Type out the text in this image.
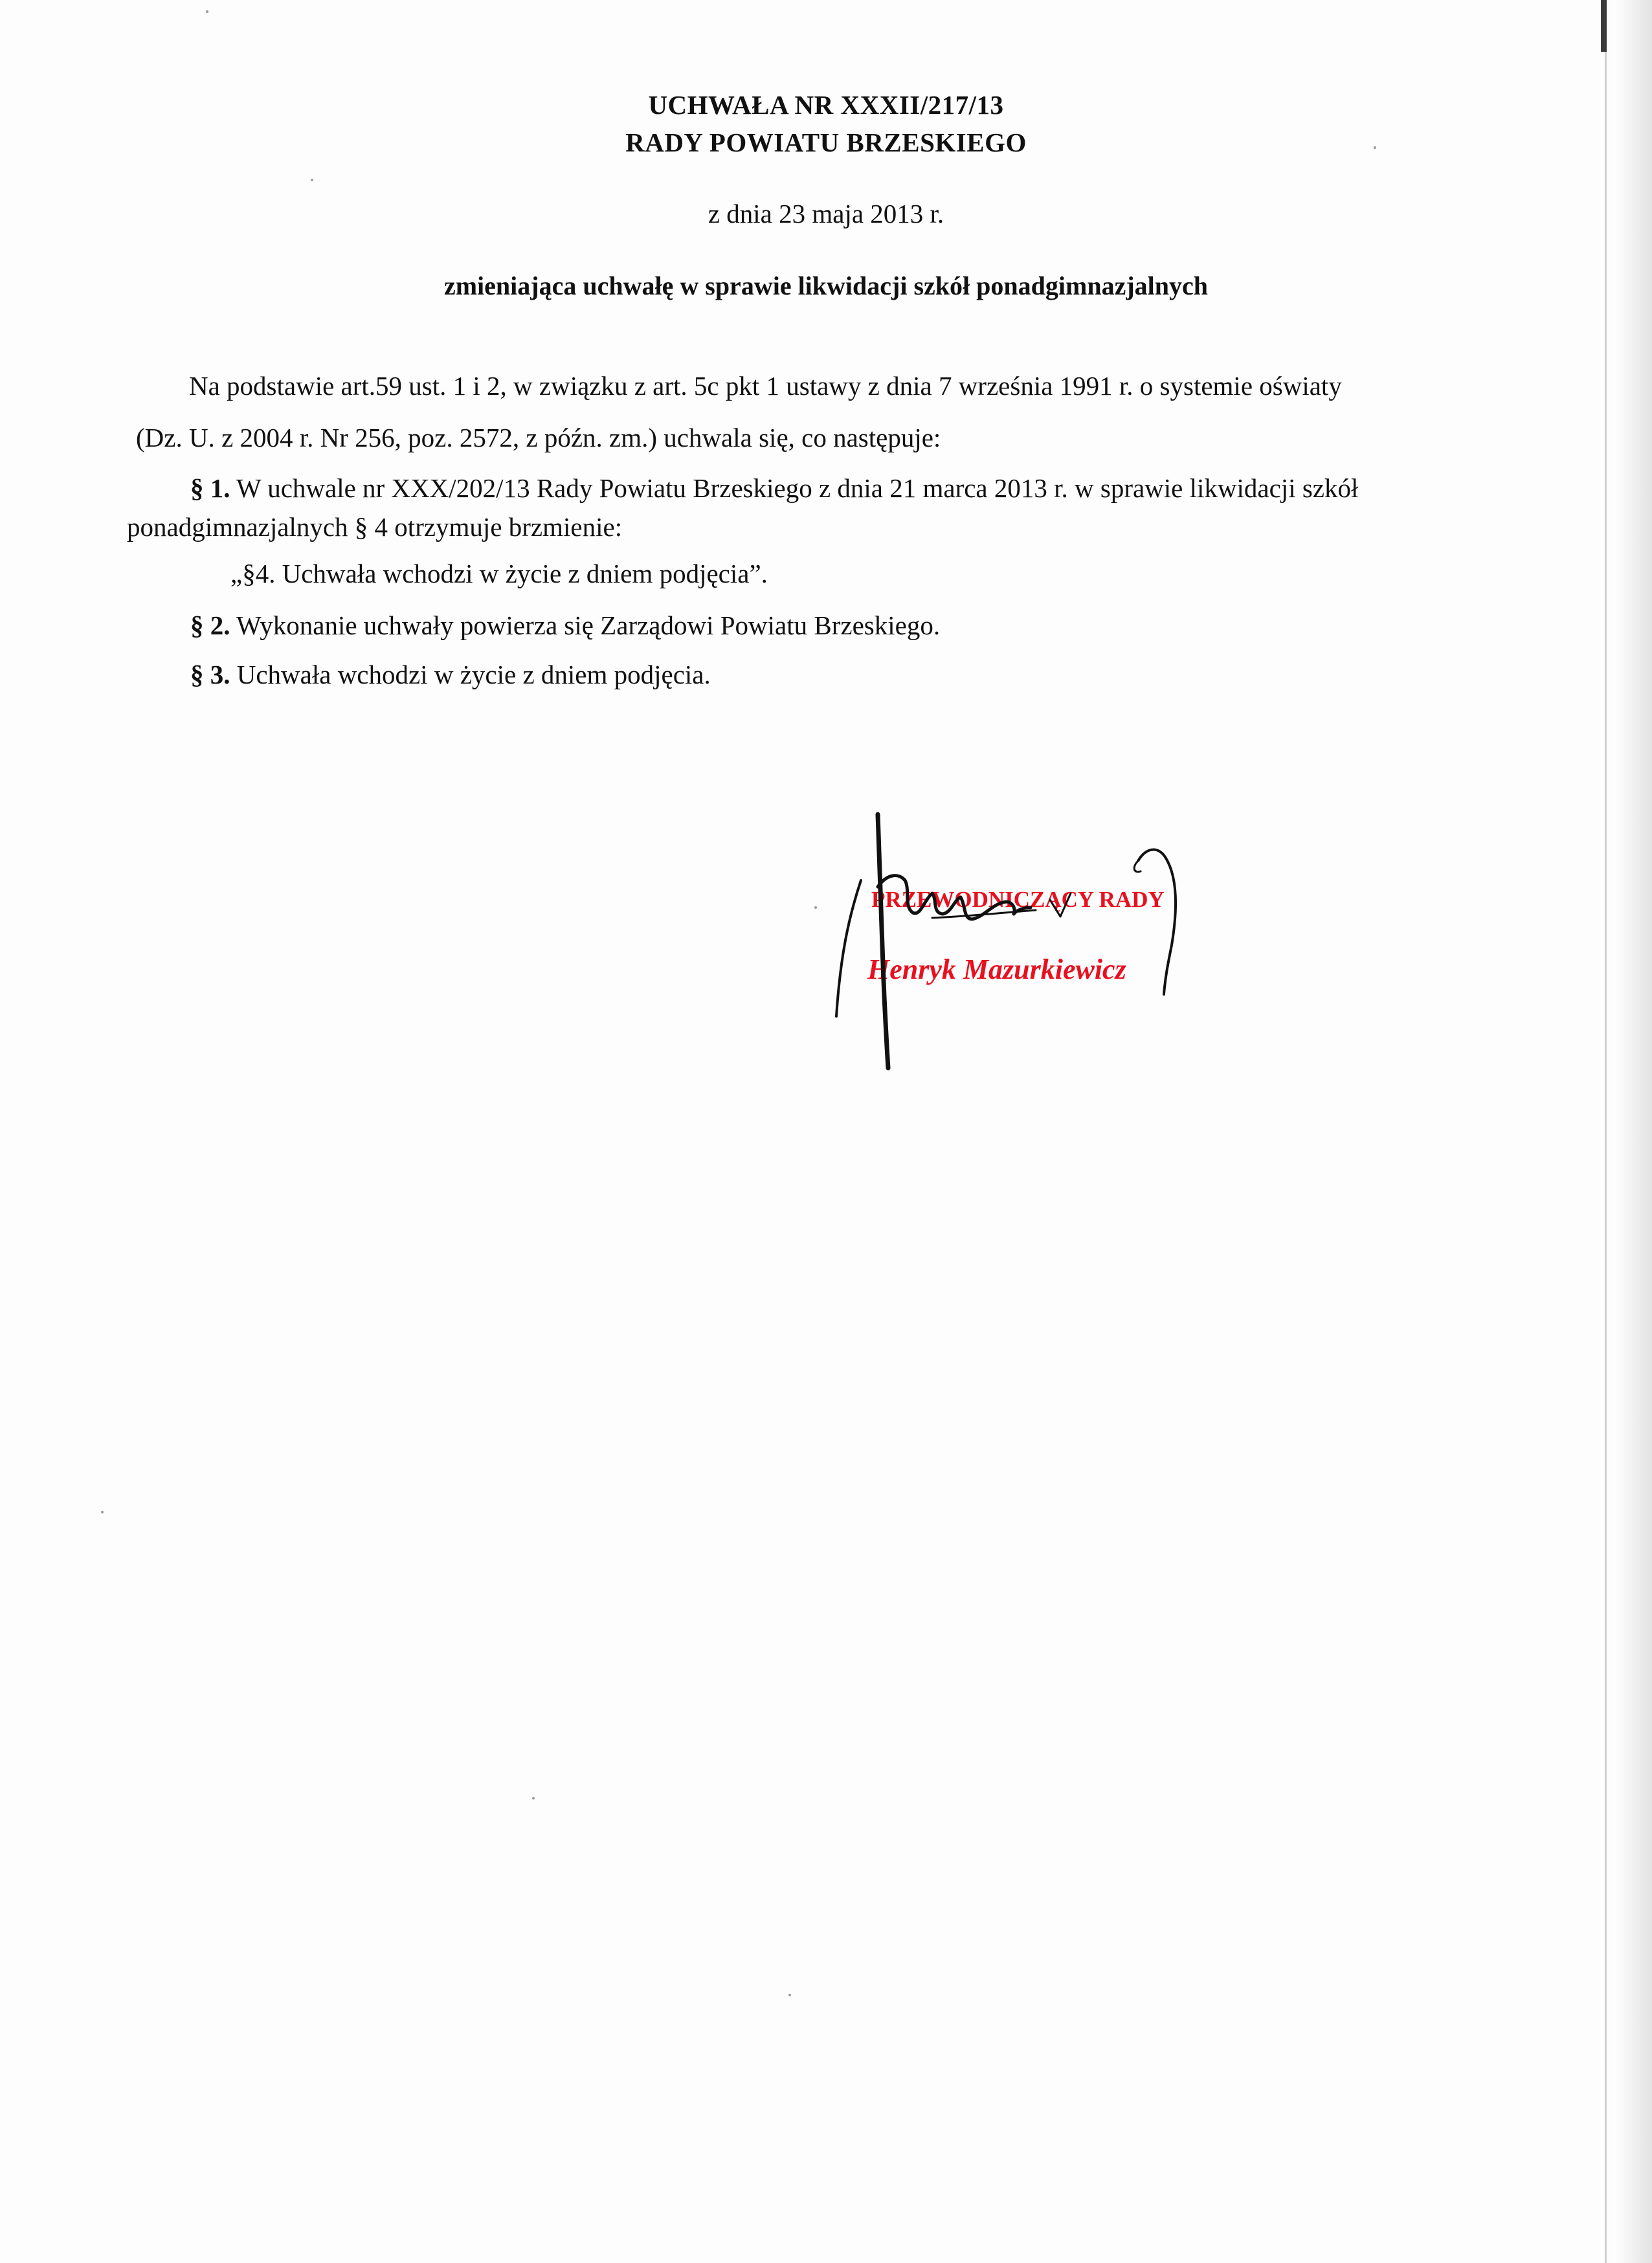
UCHWAŁA NR XXXII/217/13
RADY POWIATU BRZESKIEGO
z dnia 23 maja 2013 r.
zmieniająca uchwałę w sprawie likwidacji szkół ponadgimnazjalnych
Na podstawie art.59 ust. 1 i 2, w związku z art. 5c pkt 1 ustawy z dnia 7 września 1991 r. o systemie oświaty
(Dz. U. z 2004 r. Nr 256, poz. 2572, z późn. zm.) uchwala się, co następuje:
§ 1. W uchwale nr XXX/202/13 Rady Powiatu Brzeskiego z dnia 21 marca 2013 r. w sprawie likwidacji szkół
ponadgimnazjalnych § 4 otrzymuje brzmienie:
„§4. Uchwała wchodzi w życie z dniem podjęcia”.
§ 2. Wykonanie uchwały powierza się Zarządowi Powiatu Brzeskiego.
§ 3. Uchwała wchodzi w życie z dniem podjęcia.
PRZEWODNICZĄCY RADY
Henryk Mazurkiewicz
